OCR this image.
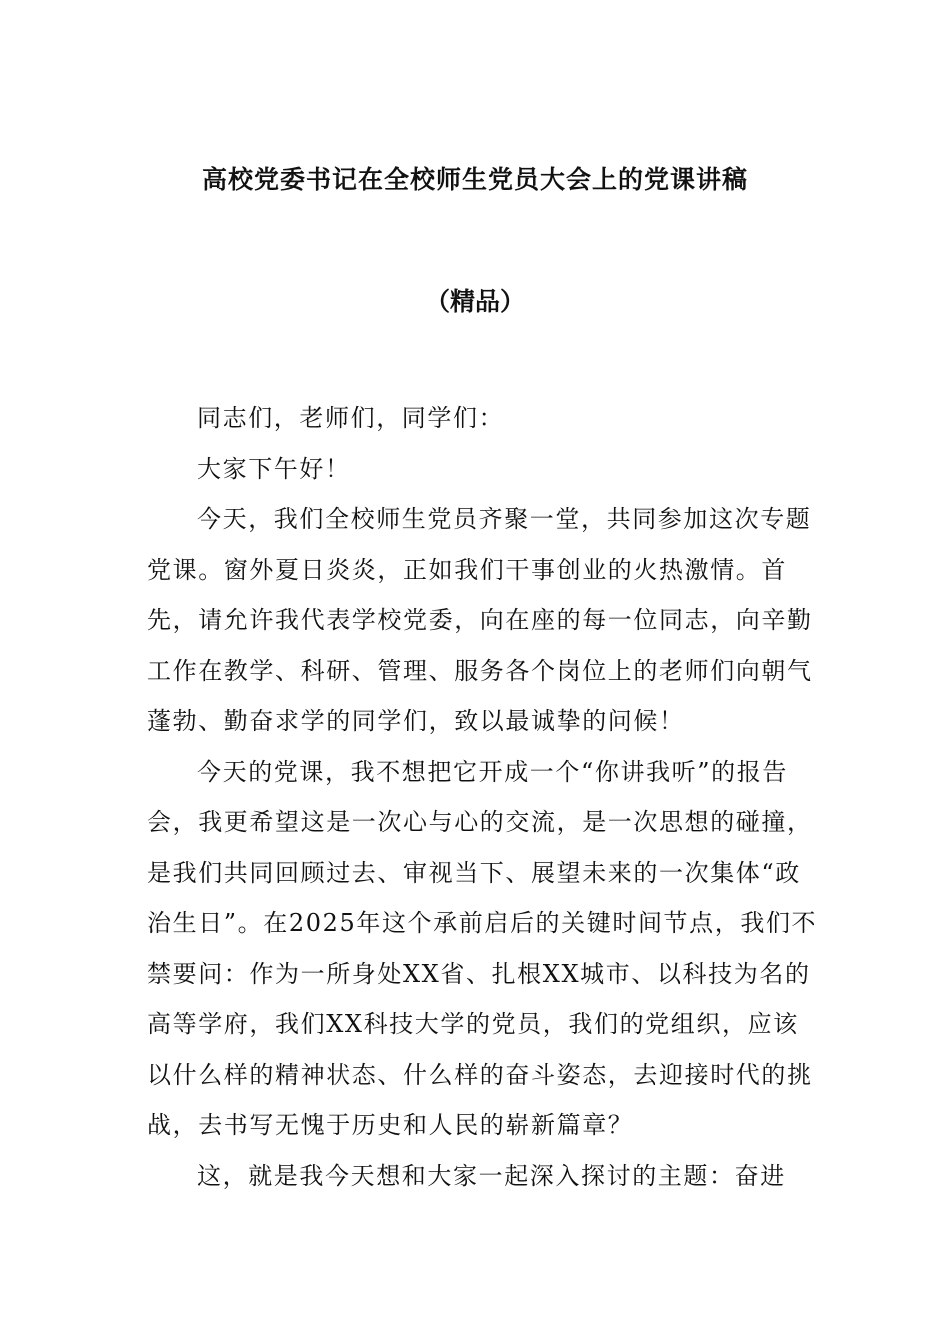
高校党委书记在全校师生党员大会上的党课讲稿
（精品）

同志们，老师们，同学们：

大家下午好！

今天，我们全校师生党员齐聚一堂，共同参加这次专题党课。窗外夏日炎炎，正如我们干事创业的火热激情。首先，请允许我代表学校党委，向在座的每一位同志，向辛勤工作在教学、科研、管理、服务各个岗位上的老师们向朝气蓬勃、勤奋求学的同学们，致以最诚挚的问候！

今天的党课，我不想把它开成一个“你讲我听”的报告会，我更希望这是一次心与心的交流，是一次思想的碰撞，是我们共同回顾过去、审视当下、展望未来的一次集体“政治生日”。在2025年这个承前启后的关键时间节点，我们不禁要问：作为一所身处XX省、扎根XX城市、以科技为名的高等学府，我们XX科技大学的党员，我们的党组织，应该以什么样的精神状态、什么样的奋斗姿态，去迎接时代的挑战，去书写无愧于历史和人民的崭新篇章？

这，就是我今天想和大家一起深入探讨的主题：奋进
